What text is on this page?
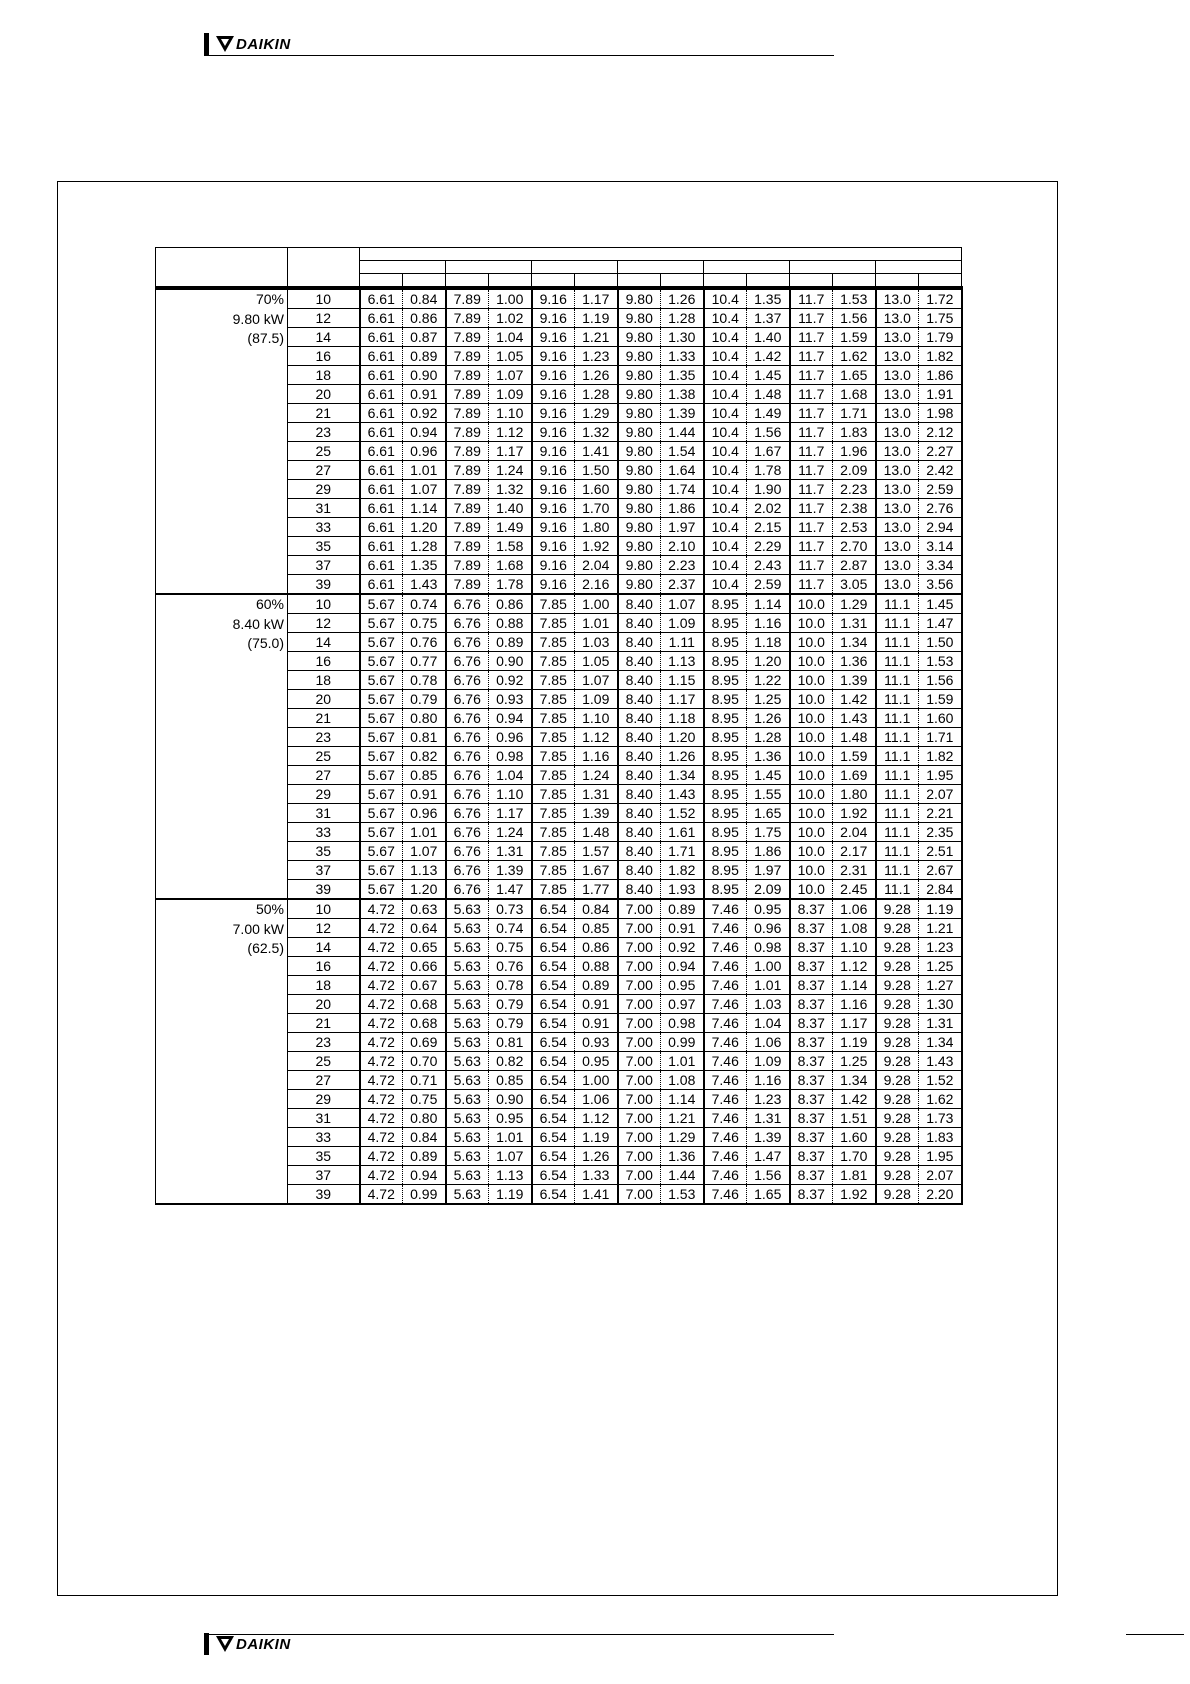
DAIKIN

70%
9.80 kW
(87.5)	10	6.61	0.84	7.89	1.00	9.16	1.17	9.80	1.26	10.4	1.35	11.7	1.53	13.0	1.72
	12	6.61	0.86	7.89	1.02	9.16	1.19	9.80	1.28	10.4	1.37	11.7	1.56	13.0	1.75
	14	6.61	0.87	7.89	1.04	9.16	1.21	9.80	1.30	10.4	1.40	11.7	1.59	13.0	1.79
	16	6.61	0.89	7.89	1.05	9.16	1.23	9.80	1.33	10.4	1.42	11.7	1.62	13.0	1.82
	18	6.61	0.90	7.89	1.07	9.16	1.26	9.80	1.35	10.4	1.45	11.7	1.65	13.0	1.86
	20	6.61	0.91	7.89	1.09	9.16	1.28	9.80	1.38	10.4	1.48	11.7	1.68	13.0	1.91
	21	6.61	0.92	7.89	1.10	9.16	1.29	9.80	1.39	10.4	1.49	11.7	1.71	13.0	1.98
	23	6.61	0.94	7.89	1.12	9.16	1.32	9.80	1.44	10.4	1.56	11.7	1.83	13.0	2.12
	25	6.61	0.96	7.89	1.17	9.16	1.41	9.80	1.54	10.4	1.67	11.7	1.96	13.0	2.27
	27	6.61	1.01	7.89	1.24	9.16	1.50	9.80	1.64	10.4	1.78	11.7	2.09	13.0	2.42
	29	6.61	1.07	7.89	1.32	9.16	1.60	9.80	1.74	10.4	1.90	11.7	2.23	13.0	2.59
	31	6.61	1.14	7.89	1.40	9.16	1.70	9.80	1.86	10.4	2.02	11.7	2.38	13.0	2.76
	33	6.61	1.20	7.89	1.49	9.16	1.80	9.80	1.97	10.4	2.15	11.7	2.53	13.0	2.94
	35	6.61	1.28	7.89	1.58	9.16	1.92	9.80	2.10	10.4	2.29	11.7	2.70	13.0	3.14
	37	6.61	1.35	7.89	1.68	9.16	2.04	9.80	2.23	10.4	2.43	11.7	2.87	13.0	3.34
	39	6.61	1.43	7.89	1.78	9.16	2.16	9.80	2.37	10.4	2.59	11.7	3.05	13.0	3.56

60%
8.40 kW
(75.0)	10	5.67	0.74	6.76	0.86	7.85	1.00	8.40	1.07	8.95	1.14	10.0	1.29	11.1	1.45
	12	5.67	0.75	6.76	0.88	7.85	1.01	8.40	1.09	8.95	1.16	10.0	1.31	11.1	1.47
	14	5.67	0.76	6.76	0.89	7.85	1.03	8.40	1.11	8.95	1.18	10.0	1.34	11.1	1.50
	16	5.67	0.77	6.76	0.90	7.85	1.05	8.40	1.13	8.95	1.20	10.0	1.36	11.1	1.53
	18	5.67	0.78	6.76	0.92	7.85	1.07	8.40	1.15	8.95	1.22	10.0	1.39	11.1	1.56
	20	5.67	0.79	6.76	0.93	7.85	1.09	8.40	1.17	8.95	1.25	10.0	1.42	11.1	1.59
	21	5.67	0.80	6.76	0.94	7.85	1.10	8.40	1.18	8.95	1.26	10.0	1.43	11.1	1.60
	23	5.67	0.81	6.76	0.96	7.85	1.12	8.40	1.20	8.95	1.28	10.0	1.48	11.1	1.71
	25	5.67	0.82	6.76	0.98	7.85	1.16	8.40	1.26	8.95	1.36	10.0	1.59	11.1	1.82
	27	5.67	0.85	6.76	1.04	7.85	1.24	8.40	1.34	8.95	1.45	10.0	1.69	11.1	1.95
	29	5.67	0.91	6.76	1.10	7.85	1.31	8.40	1.43	8.95	1.55	10.0	1.80	11.1	2.07
	31	5.67	0.96	6.76	1.17	7.85	1.39	8.40	1.52	8.95	1.65	10.0	1.92	11.1	2.21
	33	5.67	1.01	6.76	1.24	7.85	1.48	8.40	1.61	8.95	1.75	10.0	2.04	11.1	2.35
	35	5.67	1.07	6.76	1.31	7.85	1.57	8.40	1.71	8.95	1.86	10.0	2.17	11.1	2.51
	37	5.67	1.13	6.76	1.39	7.85	1.67	8.40	1.82	8.95	1.97	10.0	2.31	11.1	2.67
	39	5.67	1.20	6.76	1.47	7.85	1.77	8.40	1.93	8.95	2.09	10.0	2.45	11.1	2.84

50%
7.00 kW
(62.5)	10	4.72	0.63	5.63	0.73	6.54	0.84	7.00	0.89	7.46	0.95	8.37	1.06	9.28	1.19
	12	4.72	0.64	5.63	0.74	6.54	0.85	7.00	0.91	7.46	0.96	8.37	1.08	9.28	1.21
	14	4.72	0.65	5.63	0.75	6.54	0.86	7.00	0.92	7.46	0.98	8.37	1.10	9.28	1.23
	16	4.72	0.66	5.63	0.76	6.54	0.88	7.00	0.94	7.46	1.00	8.37	1.12	9.28	1.25
	18	4.72	0.67	5.63	0.78	6.54	0.89	7.00	0.95	7.46	1.01	8.37	1.14	9.28	1.27
	20	4.72	0.68	5.63	0.79	6.54	0.91	7.00	0.97	7.46	1.03	8.37	1.16	9.28	1.30
	21	4.72	0.68	5.63	0.79	6.54	0.91	7.00	0.98	7.46	1.04	8.37	1.17	9.28	1.31
	23	4.72	0.69	5.63	0.81	6.54	0.93	7.00	0.99	7.46	1.06	8.37	1.19	9.28	1.34
	25	4.72	0.70	5.63	0.82	6.54	0.95	7.00	1.01	7.46	1.09	8.37	1.25	9.28	1.43
	27	4.72	0.71	5.63	0.85	6.54	1.00	7.00	1.08	7.46	1.16	8.37	1.34	9.28	1.52
	29	4.72	0.75	5.63	0.90	6.54	1.06	7.00	1.14	7.46	1.23	8.37	1.42	9.28	1.62
	31	4.72	0.80	5.63	0.95	6.54	1.12	7.00	1.21	7.46	1.31	8.37	1.51	9.28	1.73
	33	4.72	0.84	5.63	1.01	6.54	1.19	7.00	1.29	7.46	1.39	8.37	1.60	9.28	1.83
	35	4.72	0.89	5.63	1.07	6.54	1.26	7.00	1.36	7.46	1.47	8.37	1.70	9.28	1.95
	37	4.72	0.94	5.63	1.13	6.54	1.33	7.00	1.44	7.46	1.56	8.37	1.81	9.28	2.07
	39	4.72	0.99	5.63	1.19	6.54	1.41	7.00	1.53	7.46	1.65	8.37	1.92	9.28	2.20
DAIKIN
